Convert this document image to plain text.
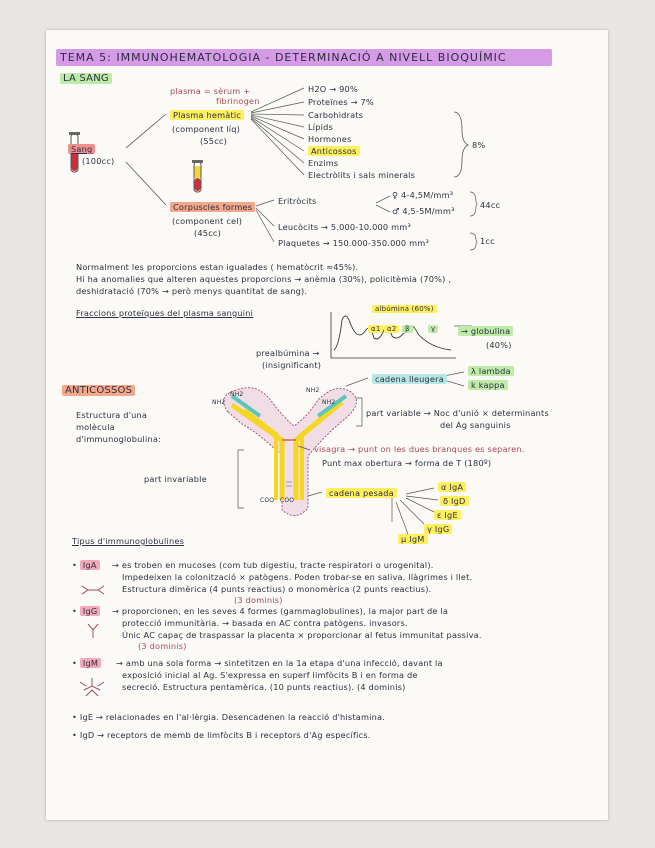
TEMA 5: IMMUNOHEMATOLOGIA - DETERMINACIÓ A NIVELL BIOQUÍMIC
LA SANG
Sang
(100cc)
plasma = sèrum +
fibrinogen
Plasma hemàtic
(component líq)
(55cc)
H2O → 90%
Proteïnes → 7%
Carbohidrats
Lípids
Hormones
Anticossos
Enzims
Electròlits i sals minerals
8%
Corpuscles formes
(component cel)
(45cc)
Eritròcits
♀ 4-4,5M/mm³
♂ 4,5-5M/mm³
44cc
Leucòcits → 5.000-10.000 mm³
Plaquetes → 150.000-350.000 mm³	1cc
Normalment les proporcions estan igualades ( hematòcrit ≈45%).
Hi ha anomalies que alteren aquestes proporcions → anèmia (30%), policitèmia (70%) ,
deshidratació (70% → però menys quantitat de sang).
Fraccions proteïques del plasma sanguini	albúmina (60%)
α1 α2	β	γ	→ globulina
(40%)
prealbúmina →
(insignificant)
ANTICOSSOS
Estructura d'una
molècula
d'immunoglobulina:
NH2
NH2
NH2
NH2
cadena lleugera
λ lambda
k kappa
part variable → Noc d'unió × determinants
del Ag sanguinis
part invariable
COO COO
visagra → punt on les dues branques es separen.
Punt max obertura → forma de T (180º)
cadena pesada
α IgA
δ IgD
ε IgE
γ IgG
μ IgM
Tipus d'immunoglobulines
• IgA	→ es troben en mucoses (com tub digestiu, tracte respiratori o urogenital).
Impedeixen la colonització × patògens. Poden trobar-se en saliva, llàgrimes i llet.
Estructura dimèrica (4 punts reactius) o monomèrica (2 punts reactius).
(3 dominis)
• IgG	→ proporcionen, en les seves 4 formes (gammaglobulines), la major part de la
protecció immunitària. → basada en AC contra patògens. invasors.
Únic AC capaç de traspassar la placenta × proporcionar al fetus immunitat passiva.
(3 dominis)
• IgM	→ amb una sola forma → sintetitzen en la 1a etapa d'una infecció, davant la
exposició inicial al Ag. S'expressa en superf limfòcits B i en forma de
secreció. Estructura pentamèrica. (10 punts reactius). (4 dominis)
• IgE → relacionades en l'al·lèrgia. Desencadenen la reacció d'histamina.
• IgD → receptors de memb de limfòcits B i receptors d'Ag específics.
